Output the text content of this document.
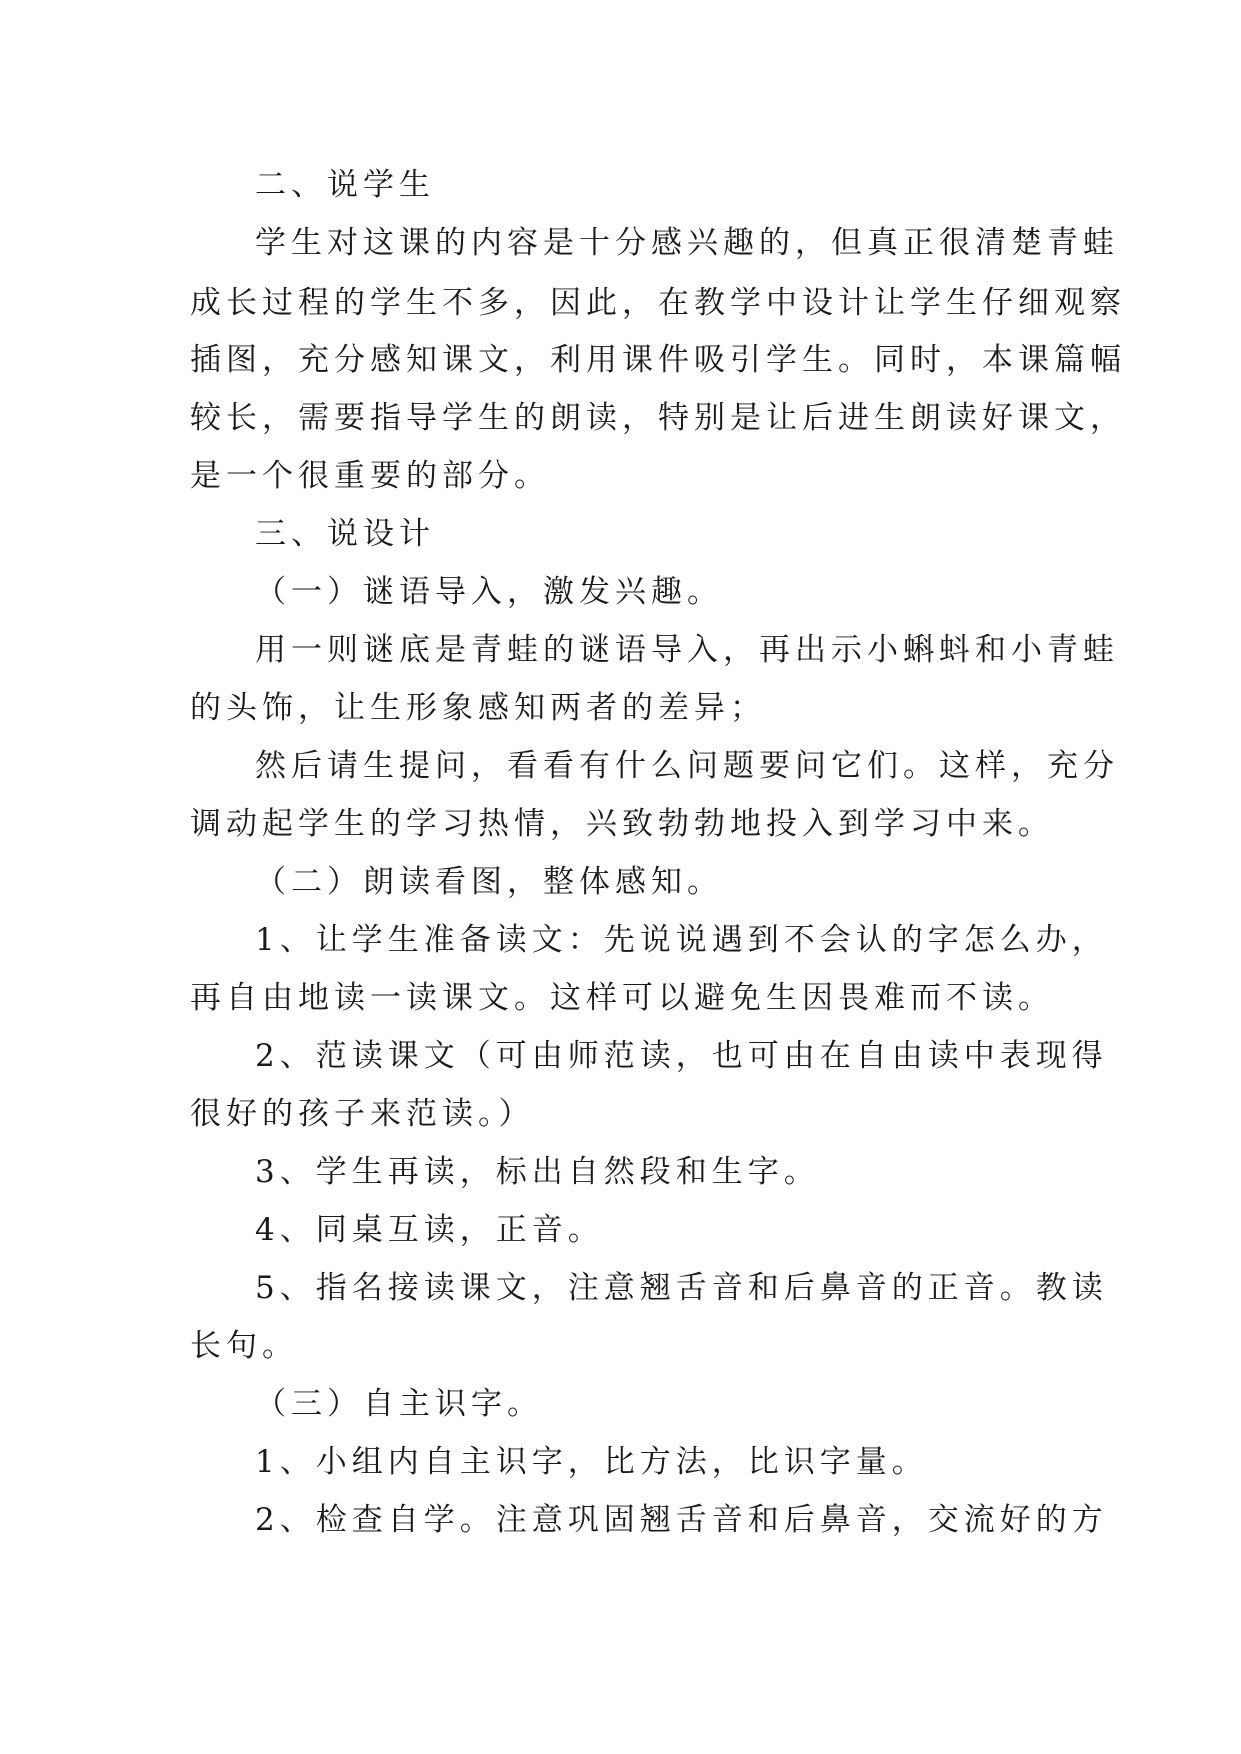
二、说学生
学生对这课的内容是十分感兴趣的，但真正很清楚青蛙
成长过程的学生不多，因此，在教学中设计让学生仔细观察
插图，充分感知课文，利用课件吸引学生。同时，本课篇幅
较长，需要指导学生的朗读，特别是让后进生朗读好课文，
是一个很重要的部分。
三、说设计
（一）谜语导入，激发兴趣。
用一则谜底是青蛙的谜语导入，再出示小蝌蚪和小青蛙
的头饰，让生形象感知两者的差异；
然后请生提问，看看有什么问题要问它们。这样，充分
调动起学生的学习热情，兴致勃勃地投入到学习中来。
（二）朗读看图，整体感知。
1、让学生准备读文：先说说遇到不会认的字怎么办，
再自由地读一读课文。这样可以避免生因畏难而不读。
2、范读课文（可由师范读，也可由在自由读中表现得
很好的孩子来范读。）
3、学生再读，标出自然段和生字。
4、同桌互读，正音。
5、指名接读课文，注意翘舌音和后鼻音的正音。教读
长句。
（三）自主识字。
1、小组内自主识字，比方法，比识字量。
2、检查自学。注意巩固翘舌音和后鼻音，交流好的方
